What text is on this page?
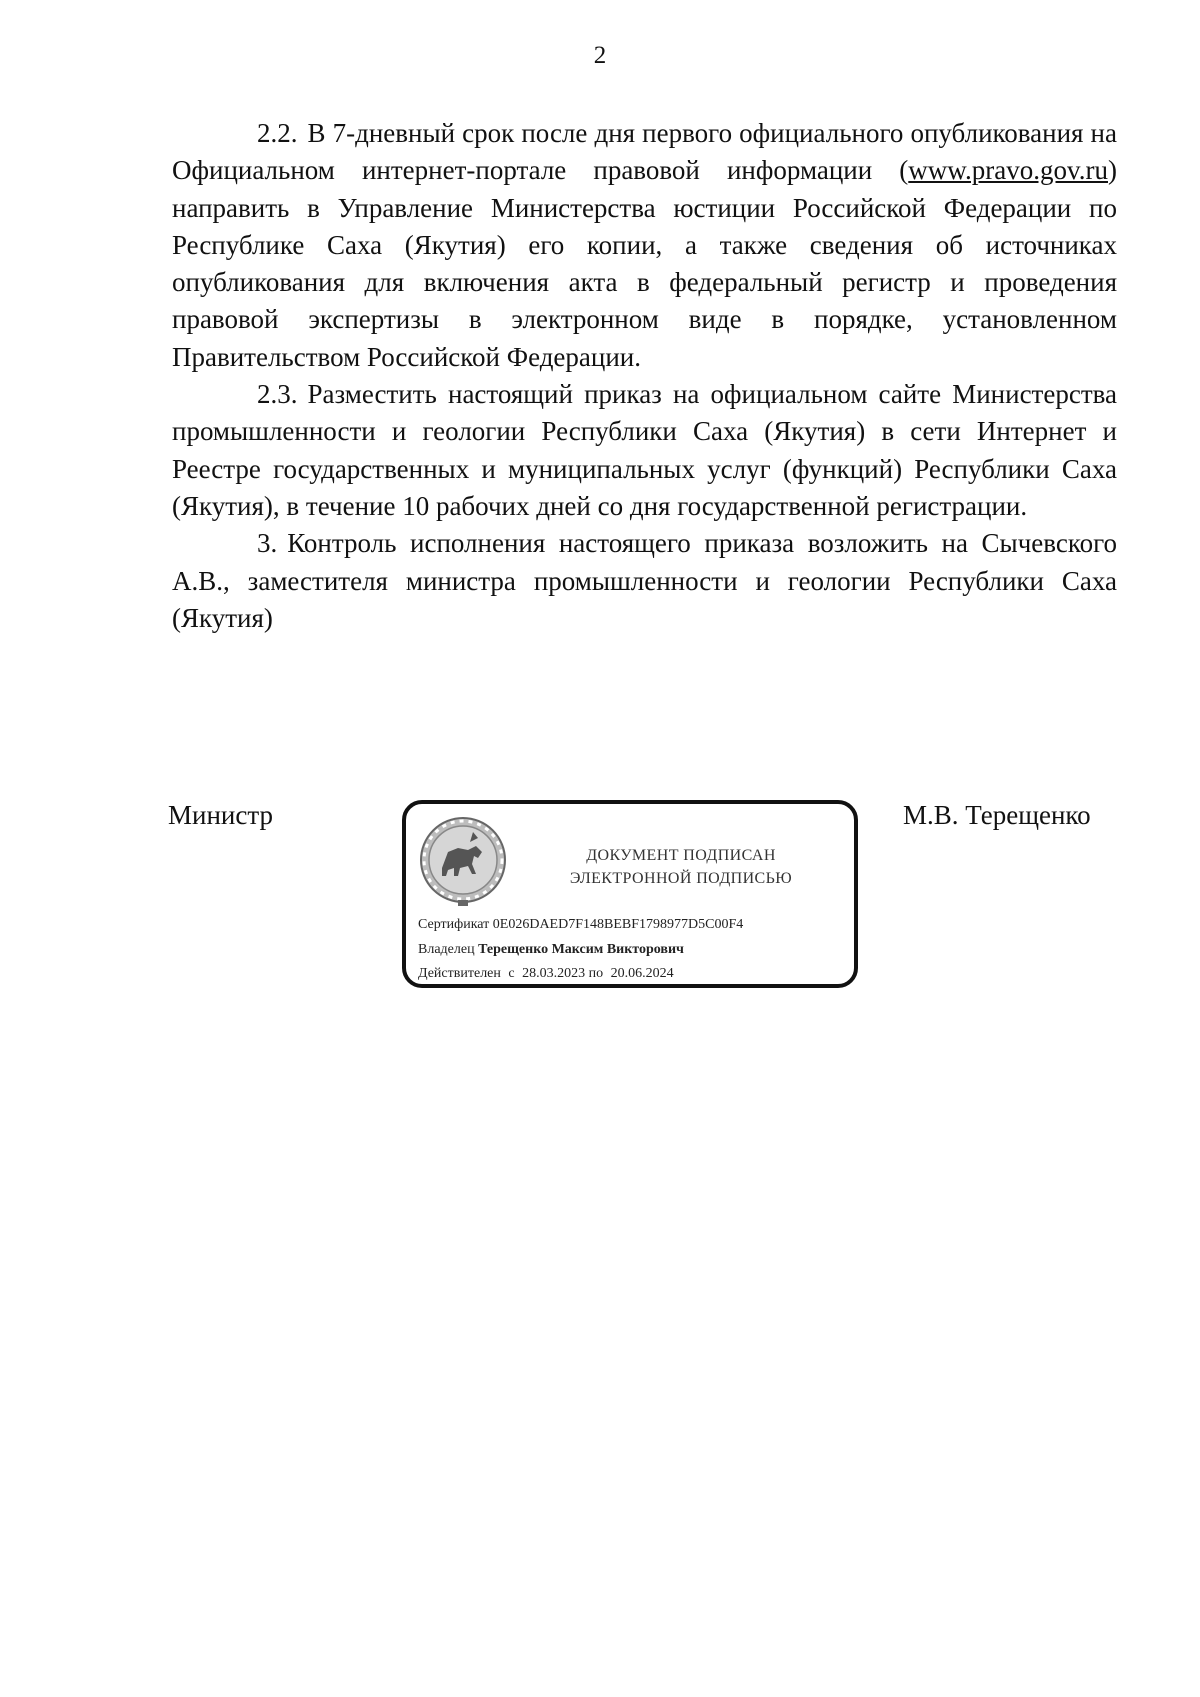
2

2.2. В 7-дневный срок после дня первого официального опубликования на Официальном интернет-портале правовой информации (www.pravo.gov.ru) направить в Управление Министерства юстиции Российской Федерации по Республике Саха (Якутия) его копии, а также сведения об источниках опубликования для включения акта в федеральный регистр и проведения правовой экспертизы в электронном виде в порядке, установленном Правительством Российской Федерации.

2.3. Разместить настоящий приказ на официальном сайте Министерства промышленности и геологии Республики Саха (Якутия) в сети Интернет и Реестре государственных и муниципальных услуг (функций) Республики Саха (Якутия), в течение 10 рабочих дней со дня государственной регистрации.

3. Контроль исполнения настоящего приказа возложить на Сычевского А.В., заместителя министра промышленности и геологии Республики Саха (Якутия)

Министр
ДОКУМЕНТ ПОДПИСАН
ЭЛЕКТРОННОЙ ПОДПИСЬЮ
Сертификат 0E026DAED7F148BEBF1798977D5C00F4
Владелец Терещенко Максим Викторович
Действителен с 28.03.2023 по 20.06.2024
М.В. Терещенко
